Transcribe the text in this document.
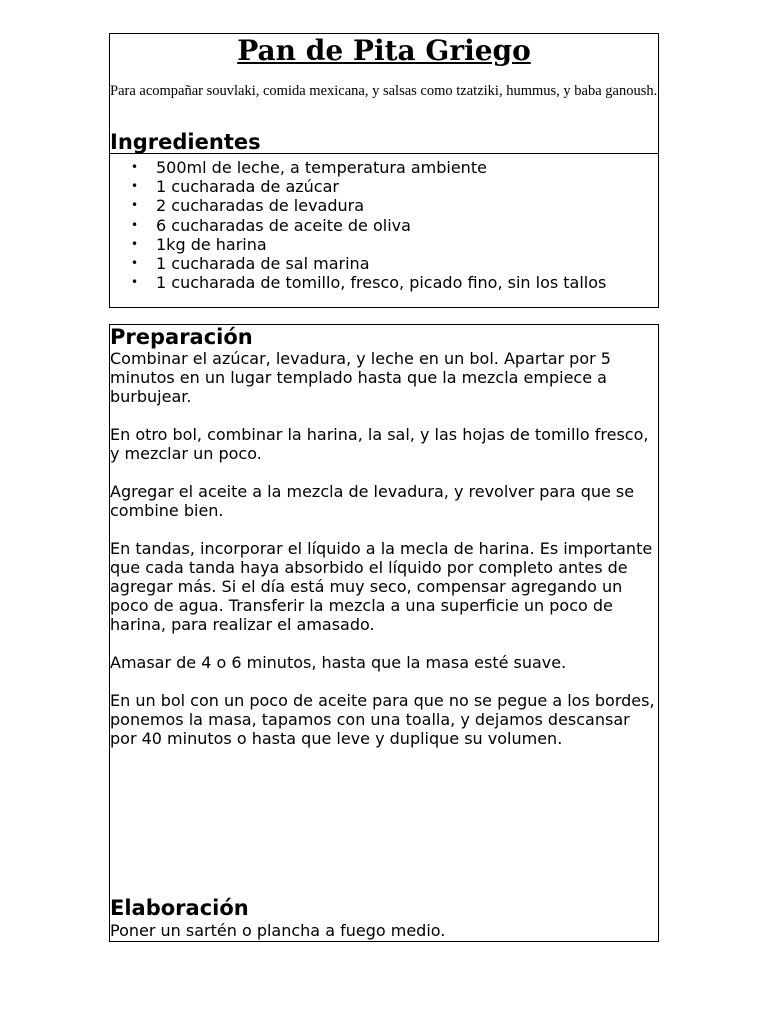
Pan de Pita Griego

Para acompañar souvlaki, comida mexicana, y salsas como tzatziki, hummus, y baba ganoush.

Ingredientes
• 500ml de leche, a temperatura ambiente
• 1 cucharada de azúcar
• 2 cucharadas de levadura
• 6 cucharadas de aceite de oliva
• 1kg de harina
• 1 cucharada de sal marina
• 1 cucharada de tomillo, fresco, picado fino, sin los tallos
Preparación

Combinar el azúcar, levadura, y leche en un bol. Apartar por 5 minutos en un lugar templado hasta que la mezcla empiece a burbujear.

En otro bol, combinar la harina, la sal, y las hojas de tomillo fresco, y mezclar un poco.

Agregar el aceite a la mezcla de levadura, y revolver para que se combine bien.

En tandas, incorporar el líquido a la mecla de harina. Es importante que cada tanda haya absorbido el líquido por completo antes de agregar más. Si el día está muy seco, compensar agregando un poco de agua. Transferir la mezcla a una superficie un poco de harina, para realizar el amasado.

Amasar de 4 o 6 minutos, hasta que la masa esté suave.

En un bol con un poco de aceite para que no se pegue a los bordes, ponemos la masa, tapamos con una toalla, y dejamos descansar por 40 minutos o hasta que leve y duplique su volumen.

Elaboración

Poner un sartén o plancha a fuego medio.
